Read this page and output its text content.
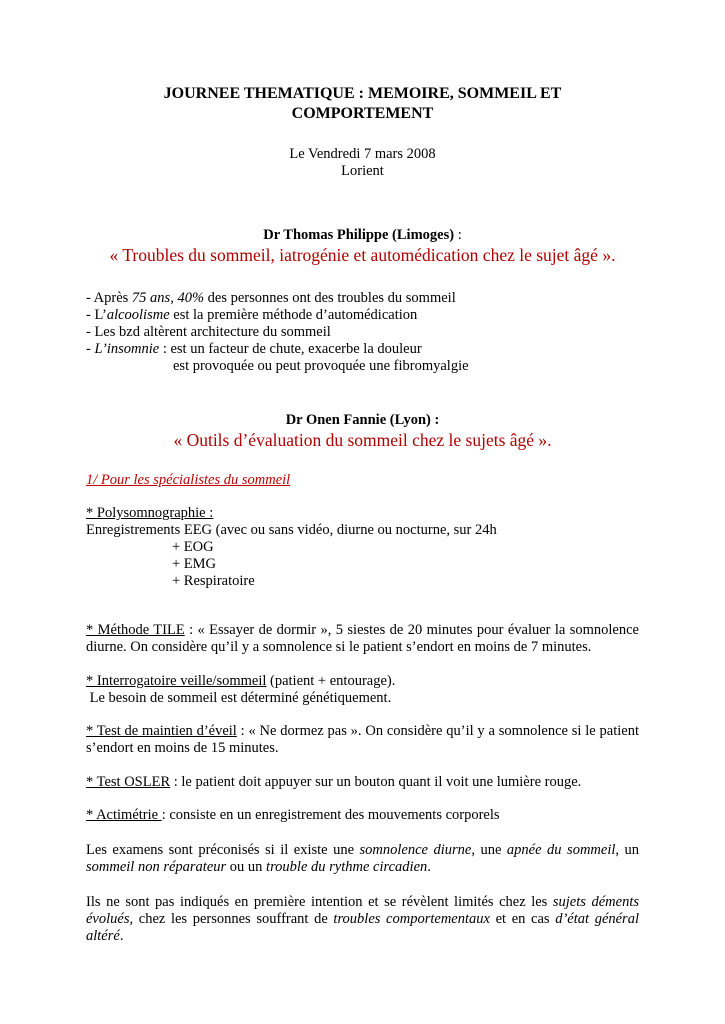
JOURNEE THEMATIQUE : MEMOIRE, SOMMEIL ET
COMPORTEMENT

Le Vendredi 7 mars 2008
Lorient
Dr Thomas Philippe (Limoges) :
« Troubles du sommeil, iatrogénie et automédication chez le sujet âgé ».
- Après 75 ans, 40% des personnes ont des troubles du sommeil
- L’alcoolisme est la première méthode d’automédication
- Les bzd altèrent architecture du sommeil
- L’insomnie : est un facteur de chute, exacerbe la douleur
est provoquée ou peut provoquée une fibromyalgie
Dr Onen Fannie (Lyon) :
« Outils d’évaluation du sommeil chez le sujets âgé ».
1/ Pour les spécialistes du sommeil
* Polysomnographie :
Enregistrements EEG (avec ou sans vidéo, diurne ou nocturne, sur 24h
+ EOG
+ EMG
+ Respiratoire
* Méthode TILE : « Essayer de dormir », 5 siestes de 20 minutes pour évaluer la somnolence diurne. On considère qu’il y a somnolence si le patient s’endort en moins de 7 minutes.
* Interrogatoire veille/sommeil (patient + entourage).
Le besoin de sommeil est déterminé génétiquement.
* Test de maintien d’éveil : « Ne dormez pas ». On considère qu’il y a somnolence si le patient s’endort en moins de 15 minutes.
* Test OSLER : le patient doit appuyer sur un bouton quant il voit une lumière rouge.
* Actimétrie : consiste en un enregistrement des mouvements corporels
Les examens sont préconisés si il existe une somnolence diurne, une apnée du sommeil, un sommeil non réparateur ou un trouble du rythme circadien.
Ils ne sont pas indiqués en première intention et se révèlent limités chez les sujets déments évolués, chez les personnes souffrant de troubles comportementaux et en cas d’état général altéré.
